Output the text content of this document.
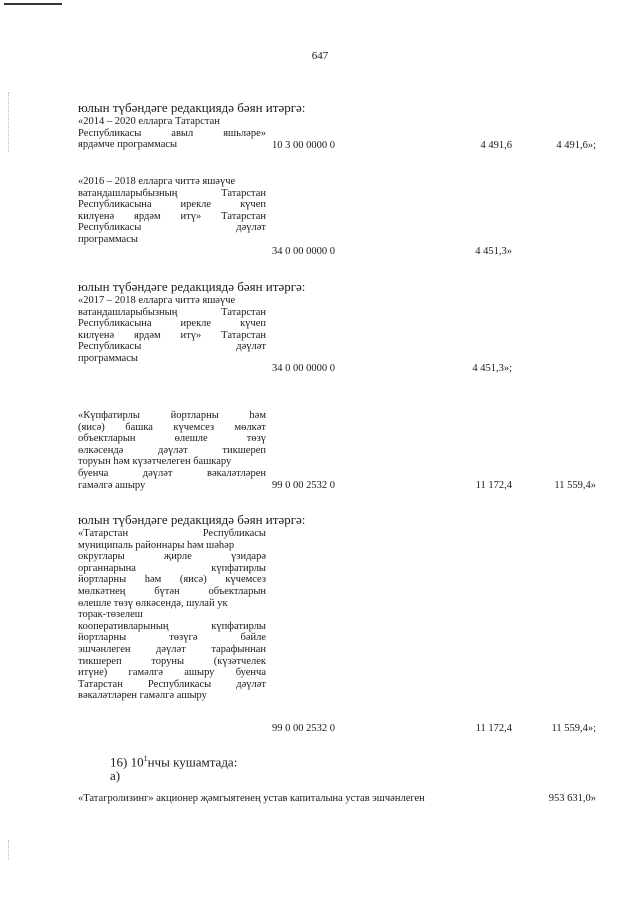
647
юлын түбәндәге редакциядә бәян итәргә:
«2014 – 2020 елларга Татарстан
Республикасы авыл яшьләре»
ярдәмче программасы	10 3 00 0000 0	4 491,6	4 491,6»;
«2016 – 2018 елларга читтә яшәүче
ватандашларыбызның Татарстан
Республикасына ирекле күчеп
килүенә ярдәм итү» Татарстан
Республикасы дәүләт
программасы
34 0 00 0000 0	4 451,3»
юлын түбәндәге редакциядә бәян итәргә:
«2017 – 2018 елларга читтә яшәүче
ватандашларыбызның Татарстан
Республикасына ирекле күчеп
килүенә ярдәм итү» Татарстан
Республикасы дәүләт
программасы
34 0 00 0000 0	4 451,3»;
«Күпфатирлы йортларны һәм
(яисә) башка күчемсез мөлкәт
объектларын өлешле төзү
өлкәсендә дәүләт тикшереп
торуын һәм күзәтчелеген башкару
буенча дәүләт вәкаләтләрен
гамәлгә ашыру	99 0 00 2532 0	11 172,4	11 559,4»
юлын түбәндәге редакциядә бәян итәргә:
«Татарстан Республикасы
муниципаль районнары һәм шәһәр
округлары җирле үзидарә
органнарына күпфатирлы
йортларны һәм (яисә) күчемсез
мөлкәтнең бүтән объектларын
өлешле төзү өлкәсендә, шулай ук
торак-төзелеш
кооперативларының күпфатирлы
йортларны төзүгә бәйле
эшчәнлеген дәүләт тарафыннан
тикшереп торуны (күзәтчелек
итүне) гамәлгә ашыру буенча
Татарстан Республикасы дәүләт
вәкаләтләрен гамәлгә ашыру
99 0 00 2532 0	11 172,4	11 559,4»;
16) $10^1нчы$ кушамтада:
а)
«Татагролизинг» акционер җәмгыятенең устав капиталына устав эшчәнлеген	953 631,0»
